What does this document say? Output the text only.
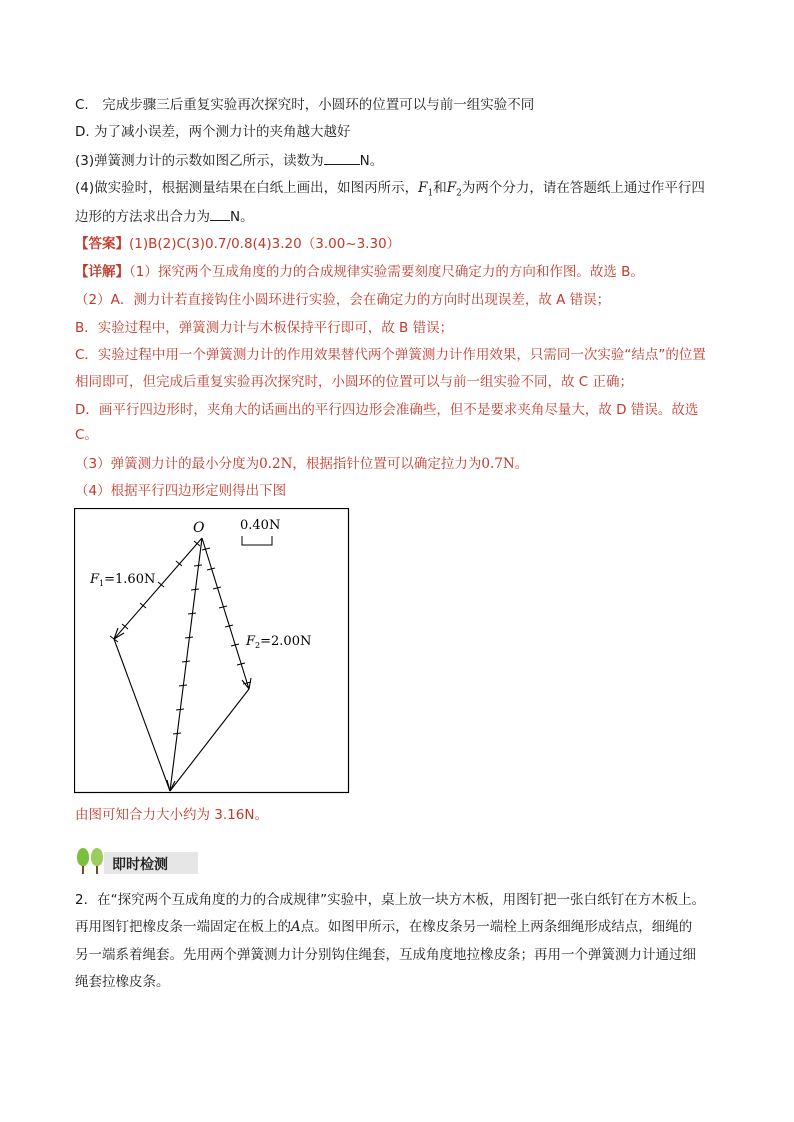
C.　完成步骤三后重复实验再次探究时，小圆环的位置可以与前一组实验不同
D. 为了减小误差，两个测力计的夹角越大越好
(3)弹簧测力计的示数如图乙所示，读数为	N。
(4)做实验时，根据测量结果在白纸上画出，如图丙所示，$F_1$和$F_2$为两个分力，请在答题纸上通过作平行四
边形的方法求出合力为 N。
【答案】(1)B(2)C(3)0.7/0.8(4)3.20（3.00~3.30）
【详解】（1）探究两个互成角度的力的合成规律实验需要刻度尺确定力的方向和作图。故选 B。
（2）A．测力计若直接钩住小圆环进行实验，会在确定力的方向时出现误差，故 A 错误；
B．实验过程中，弹簧测力计与木板保持平行即可，故 B 错误；
C．实验过程中用一个弹簧测力计的作用效果替代两个弹簧测力计作用效果，只需同一次实验“结点”的位置
相同即可，但完成后重复实验再次探究时，小圆环的位置可以与前一组实验不同，故 C 正确；
D．画平行四边形时，夹角大的话画出的平行四边形会准确些，但不是要求夹角尽量大，故 D 错误。故选
C。
（3）弹簧测力计的最小分度为0.2N，根据指针位置可以确定拉力为0.7N。
（4）根据平行四边形定则得出下图
0.40N
O
$F_1=1.60N$
$F_2=2.00N$
由图可知合力大小约为 3.16N。
即时检测
2．在“探究两个互成角度的力的合成规律”实验中，桌上放一块方木板，用图钉把一张白纸钉在方木板上。
再用图钉把橡皮条一端固定在板上的A点。如图甲所示，在橡皮条另一端栓上两条细绳形成结点，细绳的
另一端系着绳套。先用两个弹簧测力计分别钩住绳套，互成角度地拉橡皮条；再用一个弹簧测力计通过细
绳套拉橡皮条。
